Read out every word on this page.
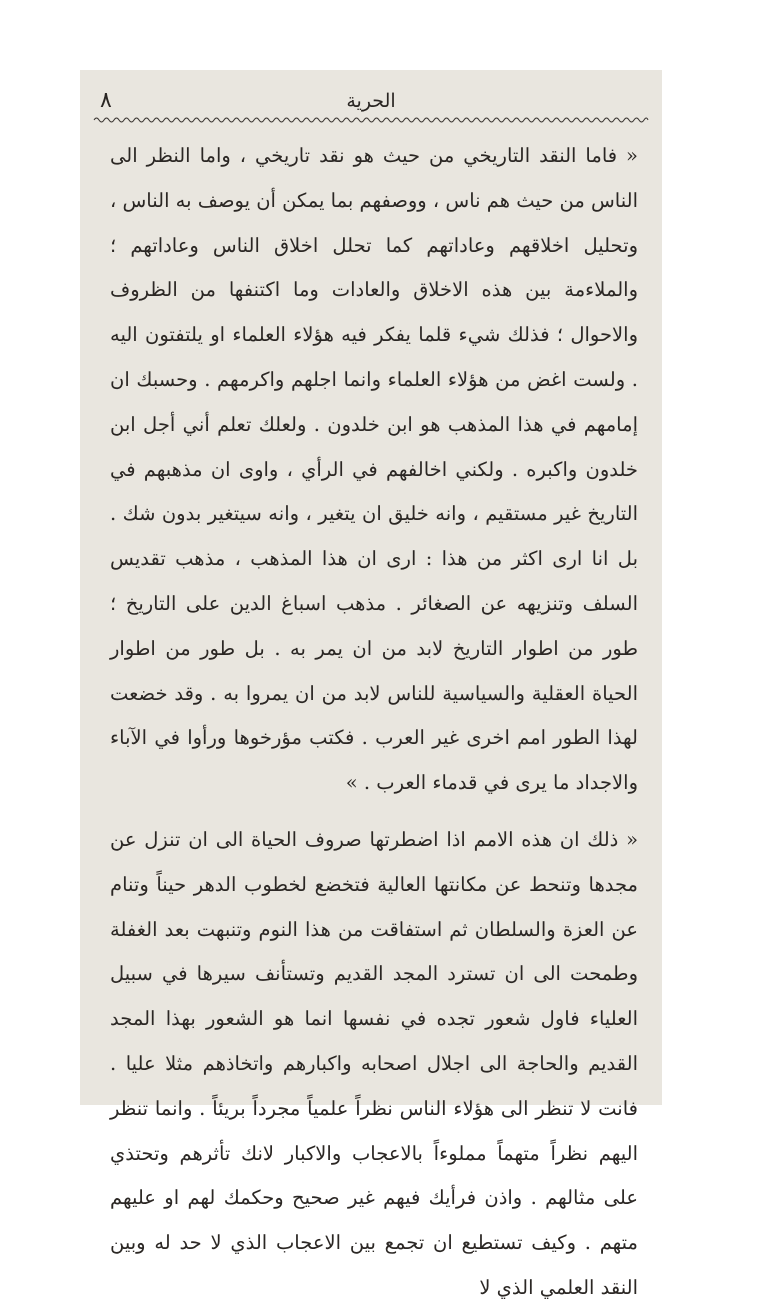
٨	الحرية

« فاما النقد التاريخي من حيث هو نقد تاريخي ، واما النظر الى الناس من حيث هم ناس ، ووصفهم بما يمكن أن يوصف به الناس ، وتحليل اخلاقهم وعاداتهم كما تحلل اخلاق الناس وعاداتهم ؛ والملاءمة بين هذه الاخلاق والعادات وما اكتنفها من الظروف والاحوال ؛ فذلك شيء قلما يفكر فيه هؤلاء العلماء او يلتفتون اليه . ولست اغض من هؤلاء العلماء وانما اجلهم واكرمهم . وحسبك ان إمامهم في هذا المذهب هو ابن خلدون . ولعلك تعلم أني أجل ابن خلدون واكبره . ولكني اخالفهم في الرأي ، واوى ان مذهبهم في التاريخ غير مستقيم ، وانه خليق ان يتغير ، وانه سيتغير بدون شك . بل انا ارى اكثر من هذا : ارى ان هذا المذهب ، مذهب تقديس السلف وتنزيهه عن الصغائر . مذهب اسباغ الدين على التاريخ ؛ طور من اطوار التاريخ لابد من ان يمر به . بل طور من اطوار الحياة العقلية والسياسية للناس لابد من ان يمروا به . وقد خضعت لهذا الطور امم اخرى غير العرب . فكتب مؤرخوها ورأوا في الآباء والاجداد ما يرى في قدماء العرب . »

« ذلك ان هذه الامم اذا اضطرتها صروف الحياة الى ان تنزل عن مجدها وتنحط عن مكانتها العالية فتخضع لخطوب الدهر حيناً وتنام عن العزة والسلطان ثم استفاقت من هذا النوم وتنبهت بعد الغفلة وطمحت الى ان تسترد المجد القديم وتستأنف سيرها في سبيل العلياء فاول شعور تجده في نفسها انما هو الشعور بهذا المجد القديم والحاجة الى اجلال اصحابه واكبارهم واتخاذهم مثلا عليا . فانت لا تنظر الى هؤلاء الناس نظراً علمياً مجرداً بريئاً . وانما تنظر اليهم نظراً متهماً مملوءاً بالاعجاب والاكبار لانك تأثرهم وتحتذي على مثالهم . واذن فرأيك فيهم غير صحيح وحكمك لهم او عليهم متهم . وكيف تستطيع ان تجمع بين الاعجاب الذي لا حد له وبين النقد العلمي الذي لا
